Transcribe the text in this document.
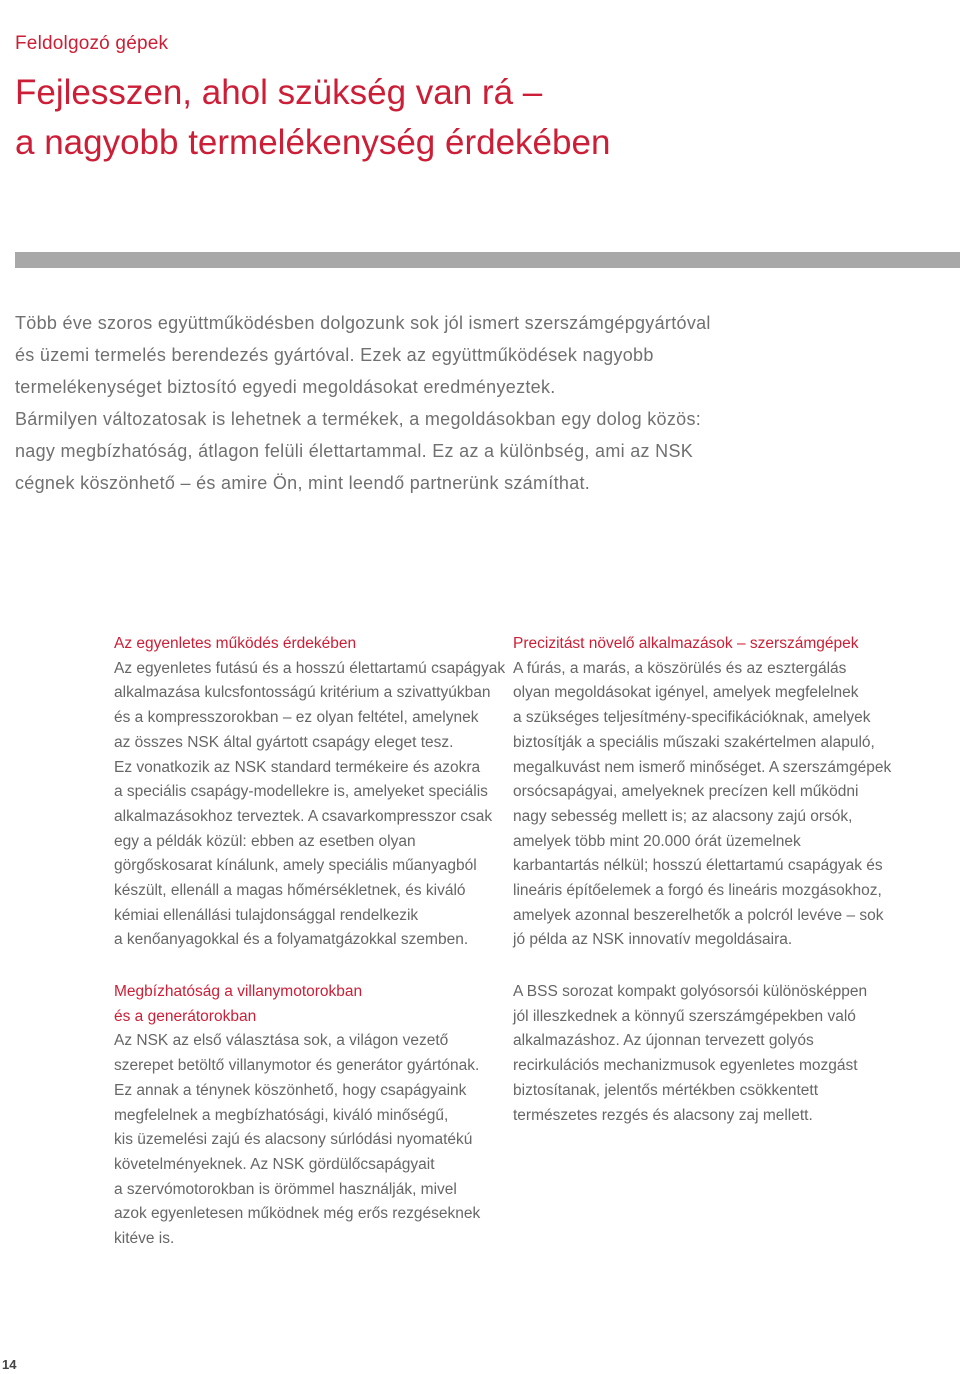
Feldolgozó gépek

Fejlesszen, ahol szükség van rá –
a nagyobb termelékenység érdekében
Több éve szoros együttműködésben dolgozunk sok jól ismert szerszámgépgyártóval
és üzemi termelés berendezés gyártóval. Ezek az együttműködések nagyobb
termelékenységet biztosító egyedi megoldásokat eredményeztek.
Bármilyen változatosak is lehetnek a termékek, a megoldásokban egy dolog közös:
nagy megbízhatóság, átlagon felüli élettartammal. Ez az a különbség, ami az NSK
cégnek köszönhető – és amire Ön, mint leendő partnerünk számíthat.
Az egyenletes működés érdekében

Az egyenletes futású és a hosszú élettartamú csapágyak
alkalmazása kulcsfontosságú kritérium a szivattyúkban
és a kompresszorokban – ez olyan feltétel, amelynek
az összes NSK által gyártott csapágy eleget tesz.
Ez vonatkozik az NSK standard termékeire és azokra
a speciális csapágy-modellekre is, amelyeket speciális
alkalmazásokhoz terveztek. A csavarkompresszor csak
egy a példák közül: ebben az esetben olyan
görgőskosarat kínálunk, amely speciális műanyagból
készült, ellenáll a magas hőmérsékletnek, és kiváló
kémiai ellenállási tulajdonsággal rendelkezik
a kenőanyagokkal és a folyamatgázokkal szemben.

Megbízhatóság a villanymotorokban
és a generátorokban

Az NSK az első választása sok, a világon vezető
szerepet betöltő villanymotor és generátor gyártónak.
Ez annak a ténynek köszönhető, hogy csapágyaink
megfelelnek a megbízhatósági, kiváló minőségű,
kis üzemelési zajú és alacsony súrlódási nyomatékú
követelményeknek. Az NSK gördülőcsapágyait
a szervómotorokban is örömmel használják, mivel
azok egyenletesen működnek még erős rezgéseknek
kitéve is.

Precizitást növelő alkalmazások – szerszámgépek

A fúrás, a marás, a köszörülés és az esztergálás
olyan megoldásokat igényel, amelyek megfelelnek
a szükséges teljesítmény-specifikációknak, amelyek
biztosítják a speciális műszaki szakértelmen alapuló,
megalkuvást nem ismerő minőséget. A szerszámgépek
orsócsapágyai, amelyeknek precízen kell működni
nagy sebesség mellett is; az alacsony zajú orsók,
amelyek több mint 20.000 órát üzemelnek
karbantartás nélkül; hosszú élettartamú csapágyak és
lineáris építőelemek a forgó és lineáris mozgásokhoz,
amelyek azonnal beszerelhetők a polcról levéve – sok
jó példa az NSK innovatív megoldásaira.

A BSS sorozat kompakt golyósorsói különösképpen
jól illeszkednek a könnyű szerszámgépekben való
alkalmazáshoz. Az újonnan tervezett golyós
recirkulációs mechanizmusok egyenletes mozgást
biztosítanak, jelentős mértékben csökkentett
természetes rezgés és alacsony zaj mellett.

14
